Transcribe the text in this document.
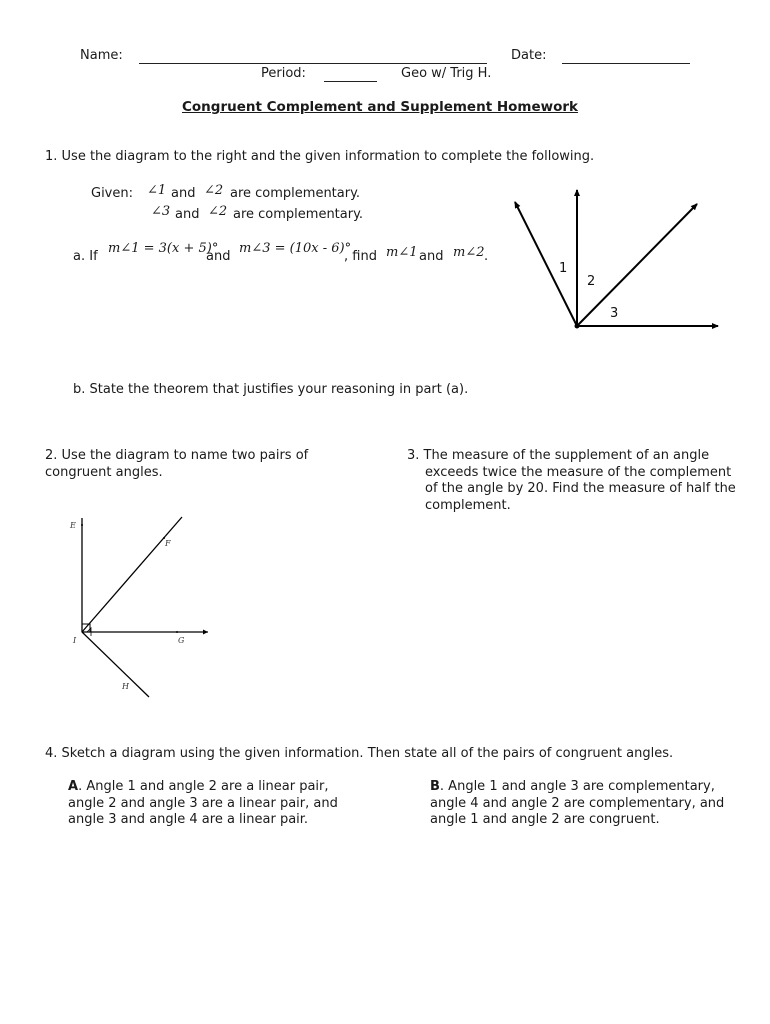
Name:	Date:
Period:	Geo w/ Trig H.
Congruent Complement and Supplement Homework
1. Use the diagram to the right and the given information to complete the following.
Given: ∠1 and ∠2 are complementary.
∠3 and ∠2 are complementary.
a. If
m∠1 = 3(x + 5)°
and
m∠3 = (10x - 6)°
, find m∠1 and m∠2 .
1
2
3
b. State the theorem that justifies your reasoning in part (a).
2. Use the diagram to name two pairs of congruent angles.
E
F
I	G
H
3. The measure of the supplement of an angle exceeds twice the measure of the complement of the angle by 20. Find the measure of half the complement.
4. Sketch a diagram using the given information. Then state all of the pairs of congruent angles.
A. Angle 1 and angle 2 are a linear pair, angle 2 and angle 3 are a linear pair, and angle 3 and angle 4 are a linear pair.
B. Angle 1 and angle 3 are complementary, angle 4 and angle 2 are complementary, and angle 1 and angle 2 are congruent.
